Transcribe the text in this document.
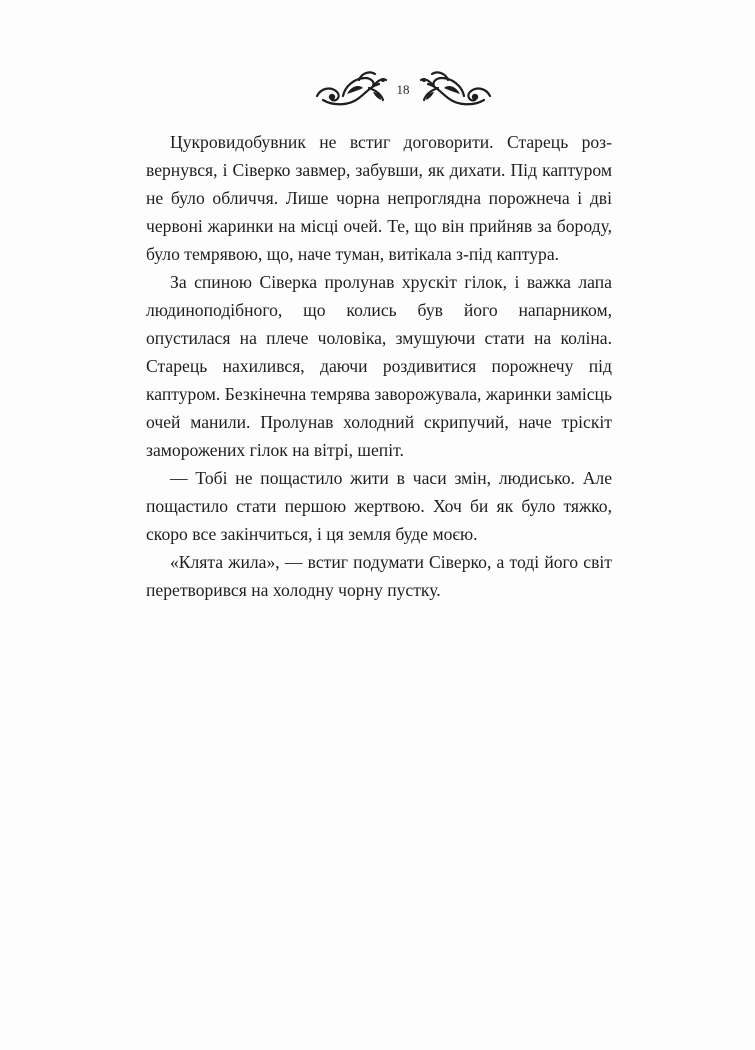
18

Цукровидобувник не встиг договорити. Старець розвернувся, і Сіверко завмер, забувши, як дихати. Під каптуром не було обличчя. Лише чорна непроглядна порожнеча і дві червоні жаринки на місці очей. Те, що він прийняв за бороду, було темрявою, що, наче туман, витікала з-під каптура.

За спиною Сіверка пролунав хрускіт гілок, і важка лапа людиноподібного, що колись був його напарником, опустилася на плече чоловіка, змушуючи стати на коліна. Старець нахилився, даючи роздивитися порожнечу під каптуром. Безкінечна темрява заворожувала, жаринки замісць очей манили. Пролунав холодний скрипучий, наче тріскіт заморожених гілок на вітрі, шепіт.

— Тобі не пощастило жити в часи змін, людисько. Але пощастило стати першою жертвою. Хоч би як було тяжко, скоро все закінчиться, і ця земля буде моєю.

«Клята жила», — встиг подумати Сіверко, а тоді його світ перетворився на холодну чорну пустку.
